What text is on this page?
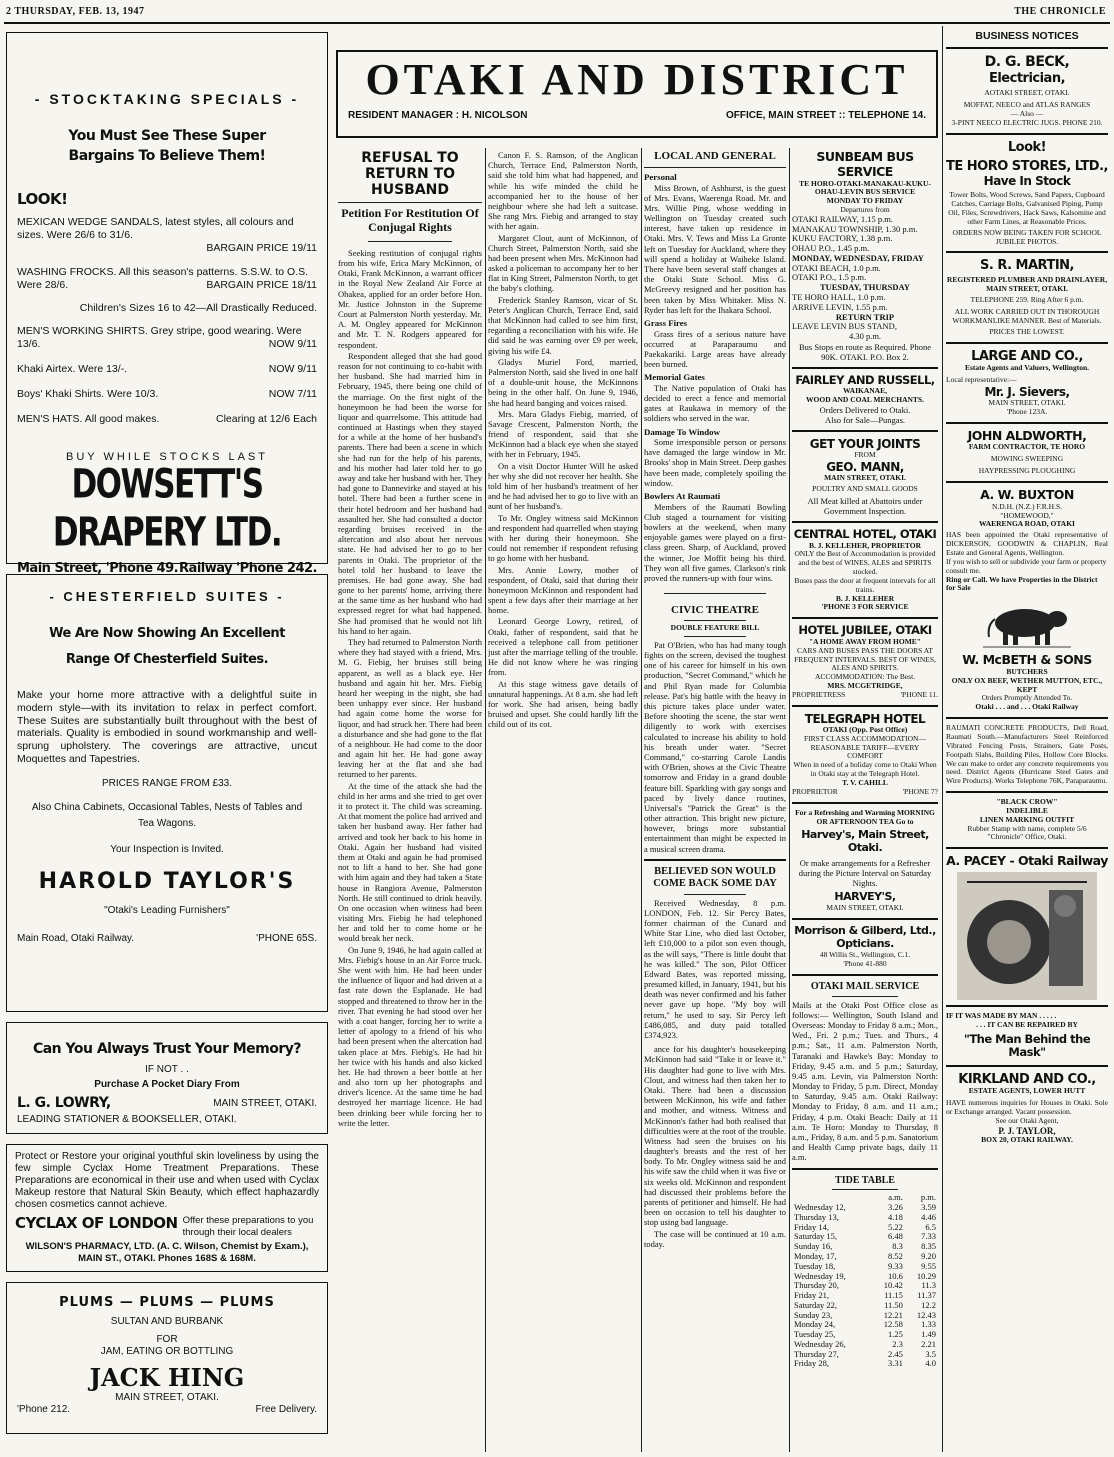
2 THURSDAY, FEB. 13, 1947	THE CHRONICLE
- STOCKTAKING SPECIALS -
You Must See These Super
Bargains To Believe Them!
LOOK!
MEXICAN WEDGE SANDALS, latest styles, all colours and sizes. Were 26/6 to 31/6.
BARGAIN PRICE 19/11
WASHING FROCKS. All this season's patterns. S.S.W. to O.S. Were 28/6.	BARGAIN PRICE 18/11
Children's Sizes 16 to 42—All Drastically Reduced.
MEN'S WORKING SHIRTS. Grey stripe, good wearing. Were 13/6.	NOW 9/11
Khaki Airtex. Were 13/-.	NOW 9/11
Boys' Khaki Shirts. Were 10/3.	NOW 7/11
MEN'S HATS. All good makes.	Clearing at 12/6 Each
BUY WHILE STOCKS LAST
DOWSETT'S DRAPERY LTD.
Main Street, 'Phone 49. Railway 'Phone 242.
- CHESTERFIELD SUITES -
We Are Now Showing An Excellent
Range Of Chesterfield Suites.
Make your home more attractive with a delightful suite in modern style—with its invitation to relax in perfect comfort. These Suites are substantially built throughout with the best of materials. Quality is embodied in sound workmanship and well-sprung upholstery. The coverings are attractive, uncut Moquettes and Tapestries.
PRICES RANGE FROM £33.
Also China Cabinets, Occasional Tables, Nests of Tables and Tea Wagons.
Your Inspection is Invited.
HAROLD TAYLOR'S
"Otaki's Leading Furnishers"
Main Road, Otaki Railway.	'PHONE 65S.
Can You Always Trust Your Memory?
IF NOT . .
Purchase A Pocket Diary From
L. G. LOWRY,	MAIN STREET, OTAKI.
LEADING STATIONER & BOOKSELLER, OTAKI.
Protect or Restore your original youthful skin loveliness by using the few simple Cyclax Home Treatment Preparations. These Preparations are economical in their use and when used with Cyclax Makeup restore that Natural Skin Beauty, which effect haphazardly chosen cosmetics cannot achieve.
CYCLAX OF LONDON Offer these preparations to you through their local dealers
WILSON'S PHARMACY, LTD. (A. C. Wilson, Chemist by Exam.), MAIN ST., OTAKI. Phones 168S & 168M.
PLUMS — PLUMS — PLUMS
SULTAN AND BURBANK
FOR
JAM, EATING OR BOTTLING
JACK HING
MAIN STREET, OTAKI.
'Phone 212.	Free Delivery.
OTAKI AND DISTRICT
RESIDENT MANAGER : H. NICOLSON	OFFICE, MAIN STREET :: TELEPHONE 14.
REFUSAL TO RETURN TO HUSBAND
Petition For Restitution Of Conjugal Rights

Seeking restitution of conjugal rights from his wife, Erica Mary McKinnon, of Otaki, Frank McKinnon, a warrant officer in the Royal New Zealand Air Force at Ohakea, applied for an order before Hon. Mr. Justice Johnston in the Supreme Court at Palmerston North yesterday. Mr. A. M. Ongley appeared for McKinnon and Mr. T. N. Rodgers appeared for respondent.

Respondent alleged that she had good reason for not continuing to co-habit with her husband. She had married him in February, 1945, there being one child of the marriage. On the first night of the honeymoon he had been the worse for liquor and quarrelsome. This attitude had continued at Hastings when they stayed for a while at the home of her husband's parents. There had been a scene in which she had run for the help of his parents, and his mother had later told her to go away and take her husband with her. They had gone to Dannevirke and stayed at his hotel. There had been a further scene in their hotel bedroom and her husband had assaulted her. She had consulted a doctor regarding bruises received in the altercation and also about her nervous state. He had advised her to go to her parents in Otaki. The proprietor of the hotel told her husband to leave the premises. He had gone away. She had gone to her parents' home, arriving there at the same time as her husband who had expressed regret for what had happened. She had promised that he would not lift his hand to her again.

They had returned to Palmerston North where they had stayed with a friend, Mrs. M. G. Fiebig, her bruises still being apparent, as well as a black eye. Her husband and again hit her. Mrs. Fiebig heard her weeping in the night, she had been unhappy ever since. Her husband had again come home the worse for liquor, and had struck her. There had been a disturbance and she had gone to the flat of a neighbour. He had come to the door and again hit her. He had gone away leaving her at the flat and she had returned to her parents.

At the time of the attack she had the child in her arms and she tried to get over it to protect it. The child was screaming. At that moment the police had arrived and taken her husband away. Her father had arrived and took her back to his home in Otaki. Again her husband had visited them at Otaki and again he had promised not to lift a hand to her. She had gone with him again and they had taken a State house in Rangiora Avenue, Palmerston North. He still continued to drink heavily. On one occasion when witness had been visiting Mrs. Fiebig he had telephoned her and told her to come home or he would break her neck.

On June 9, 1946, he had again called at Mrs. Fiebig's house in an Air Force truck. She went with him. He had been under the influence of liquor and had driven at a fast rate down the Esplanade. He had stopped and threatened to throw her in the river. That evening he had stood over her with a coat hanger, forcing her to write a letter of apology to a friend of his who had been present when the altercation had taken place at Mrs. Fiebig's. He had hit her twice with his hands and also kicked her. He had thrown a beer bottle at her and also torn up her photographs and driver's licence. At the same time he had destroyed her marriage licence. He had been drinking beer while forcing her to write the letter.

Canon F. S. Ramson, of the Anglican Church, Terrace End, Palmerston North, said she told him what had happened, and while his wife minded the child he accompanied her to the house of her neighbour where she had left a suitcase. She rang Mrs. Fiebig and arranged to stay with her again.

Margaret Clout, aunt of McKinnon, of Church Street, Palmerston North, said she had been present when Mrs. McKinnon had asked a policeman to accompany her to her flat in King Street, Palmerston North, to get the baby's clothing.

Frederick Stanley Ramson, vicar of St. Peter's Anglican Church, Terrace End, said that McKinnon had called to see him first, regarding a reconciliation with his wife. He did said he was earning over £9 per week, giving his wife £4.

Gladys Muriel Ford, married, Palmerston North, said she lived in one half of a double-unit house, the McKinnons being in the other half. On June 9, 1946, she had heard banging and voices raised.

Mrs. Mara Gladys Fiebig, married, of Savage Crescent, Palmerston North, the friend of respondent, said that she McKinnon had a black eye when she stayed with her in February, 1945.

On a visit Doctor Hunter Will he asked her why she did not recover her health. She told him of her husband's treatment of her and he had advised her to go to live with an aunt of her husband's.

To Mr. Ongley witness said McKinnon and respondent had quarrelled when staying with her during their honeymoon. She could not remember if respondent refusing to go home with her husband.

Mrs. Annie Lowry, mother of respondent, of Otaki, said that during their honeymoon McKinnon and respondent had spent a few days after their marriage at her home.

Leonard George Lowry, retired, of Otaki, father of respondent, said that he received a telephone call from petitioner just after the marriage telling of the trouble. He did not know where he was ringing from.

At this stage witness gave details of unnatural happenings. At 8 a.m. she had left for work. She had arisen, being badly bruised and upset. She could hardly lift the child out of its cot.

LOCAL AND GENERAL
Personal

Miss Brown, of Ashhurst, is the guest of Mrs. Evans, Waerenga Road. Mr. and Mrs. Willie Ping, whose wedding in Wellington on Tuesday created such interest, have taken up residence in Otaki. Mrs. V. Tews and Miss La Gronte left on Tuesday for Auckland, where they will spend a holiday at Waiheke Island. There have been several staff changes at the Otaki State School. Miss G. McGreevy resigned and her position has been taken by Miss Whitaker. Miss N. Ryder has left for the Ihakara School.

Grass Fires

Grass fires of a serious nature have occurred at Paraparaumu and Paekakariki. Large areas have already been burned.

Memorial Gates

The Native population of Otaki has decided to erect a fence and memorial gates at Raukawa in memory of the soldiers who served in the war.

Damage To Window

Some irresponsible person or persons have damaged the large window in Mr. Brooks' shop in Main Street. Deep gashes have been made, completely spoiling the window.

Bowlers At Raumati

Members of the Raumati Bowling Club staged a tournament for visiting bowlers at the weekend, when many enjoyable games were played on a first-class green. Sharp, of Auckland, proved the winner, Joe Moffit being his third. They won all five games. Clarkson's rink proved the runners-up with four wins.

CIVIC THEATRE
DOUBLE FEATURE BILL

Pat O'Brien, who has had many tough fights on the screen, devised the toughest one of his career for himself in his own production, "Secret Command," which he and Phil Ryan made for Columbia release. Pat's big battle with the heavy in this picture takes place under water. Before shooting the scene, the star went diligently to work with exercises calculated to increase his ability to hold his breath under water. "Secret Command," co-starring Carole Landis with O'Brien, shows at the Civic Theatre tomorrow and Friday in a grand double feature bill. Sparkling with gay songs and paced by lively dance routines, Universal's "Patrick the Great" is the other attraction. This bright new picture, however, brings more substantial entertainment than might be expected in a musical screen drama.

BELIEVED SON WOULD COME BACK SOME DAY

Received Wednesday, 8 p.m. LONDON, Feb. 12. Sir Percy Bates, former chairman of the Cunard and White Star Line, who died last October, left £10,000 to a pilot son even though, as the will says, "There is little doubt that he was killed." The son, Pilot Officer Edward Bates, was reported missing, presumed killed, in January, 1941, but his death was never confirmed and his father never gave up hope. "My boy will return," he used to say. Sir Percy left £486,085, and duty paid totalled £374,923.

ance for his daughter's housekeeping McKinnon had said "Take it or leave it." His daughter had gone to live with Mrs. Clout, and witness had then taken her to Otaki. There had been a discussion between McKinnon, his wife and father and mother, and witness. Witness and McKinnon's father had both realised that difficulties were at the root of the trouble. Witness had seen the bruises on his daughter's breasts and the rest of her body. To Mr. Ongley witness said he and his wife saw the child when it was five or six weeks old. McKinnon and respondent had discussed their problems before the parents of petitioner and himself. He had been on occasion to tell his daughter to stop using bad language.

The case will be continued at 10 a.m. today.

SUNBEAM BUS SERVICE
TE HORO-OTAKI-MANAKAU-KUKU-OHAU-LEVIN BUS SERVICE
MONDAY TO FRIDAY
Departures from
OTAKI RAILWAY, 1.15 p.m.
MANAKAU TOWNSHIP, 1.30 p.m.
KUKU FACTORY, 1.38 p.m.
OHAU P.O., 1.45 p.m.
MONDAY, WEDNESDAY, FRIDAY
OTAKI BEACH, 1.0 p.m.
OTAKI P.O., 1.5 p.m.
TUESDAY, THURSDAY
TE HORO HALL, 1.0 p.m.
ARRIVE LEVIN, 1.55 p.m.
RETURN TRIP
LEAVE LEVIN BUS STAND,
4.30 p.m.
Bus Stops en route as Required. Phone 90K. OTAKI. P.O. Box 2.
FAIRLEY AND RUSSELL,
WAIKANAE,
WOOD AND COAL MERCHANTS.
Orders Delivered to Otaki.
Also for Sale—Pungas.
GET YOUR JOINTS
FROM
GEO. MANN,
MAIN STREET, OTAKI.
POULTRY AND SMALL GOODS
All Meat killed at Abattoirs under Government Inspection.
CENTRAL HOTEL, OTAKI
B. J. KELLEHER, PROPRIETOR
ONLY the Best of Accommodation is provided and the best of WINES, ALES and SPIRITS stocked.
Buses pass the door at frequent intervals for all trains.
B. J. KELLEHER
'PHONE 3 FOR SERVICE
HOTEL JUBILEE, OTAKI
"A HOME AWAY FROM HOME"
CARS AND BUSES PASS THE DOORS AT FREQUENT INTERVALS. BEST OF WINES, ALES AND SPIRITS.
ACCOMMODATION: The Best.
MRS. MCGETRIDGE,
PROPRIETRESS	'PHONE 11.
TELEGRAPH HOTEL
OTAKI (Opp. Post Office)
FIRST CLASS ACCOMMODATION—REASONABLE TARIFF—EVERY COMFORT
When in need of a holiday come to Otaki When in Otaki stay at the Telegraph Hotel.
T. V. CAHILL
PROPRIETOR	'PHONE 7?
For a Refreshing and Warming MORNING OR AFTERNOON TEA Go to
Harvey's, Main Street, Otaki.
Or make arrangements for a Refresher during the Picture Interval on Saturday Nights.
HARVEY'S,
MAIN STREET, OTAKI.
Morrison & Gilberd, Ltd.,
Opticians.
48 Willis St., Wellington, C.1.
'Phone 41-880
OTAKI MAIL SERVICE
Mails at the Otaki Post Office close as follows:— Wellington, South Island and Overseas: Monday to Friday 8 a.m.; Mon., Wed., Fri. 2 p.m.; Tues. and Thurs., 4 p.m.; Sat., 11 a.m. Palmerston North, Taranaki and Hawke's Bay: Monday to Friday, 9.45 a.m. and 5 p.m.; Saturday, 9.45 a.m. Levin, via Palmerston North: Monday to Friday, 5 p.m. Direct, Monday to Saturday, 9.45 a.m. Otaki Railway: Monday to Friday, 8 a.m. and 11 a.m.; Friday, 4 p.m. Otaki Beach: Daily at 11 a.m. Te Horo: Monday to Thursday, 8 a.m., Friday, 8 a.m. and 5 p.m. Sanatorium and Health Camp private bags, daily 11 a.m.
TIDE TABLE
	a.m.	p.m.
Wednesday 12,	3.26	3.59
Thursday 13,	4.18	4.46
Friday 14,	5.22	6.5
Saturday 15,	6.48	7.33
Sunday 16,	8.3	8.35
Monday, 17,	8.52	9.20
Tuesday 18,	9.33	9.55
Wednesday 19,	10.6	10.29
Thursday 20,	10.42	11.3
Friday 21,	11.15	11.37
Saturday 22,	11.50	12.2
Sunday 23,	12.21	12.43
Monday 24,	12.58	1.33
Tuesday 25,	1.25	1.49
Wednesday 26,	2.3	2.21
Thursday 27,	2.45	3.5
Friday 28,	3.31	4.0
BUSINESS NOTICES
D. G. BECK,
Electrician,
AOTAKI STREET, OTAKI.
MOFFAT, NEECO and ATLAS RANGES
— Also —
3-PINT NEECO ELECTRIC JUGS. PHONE 210.
Look!
TE HORO STORES, LTD.,
Have In Stock
Tower Bolts, Wood Screws, Sand Papers, Cupboard Catches, Carriage Bolts, Galvanised Piping, Pump Oil, Files, Screwdrivers, Hack Saws, Kalsomine and other Farm Lines, at Reasonable Prices.
ORDERS NOW BEING TAKEN FOR SCHOOL JUBILEE PHOTOS.
S. R. MARTIN,
REGISTERED PLUMBER AND DRAINLAYER,
MAIN STREET, OTAKI.
TELEPHONE 259. Ring After 6 p.m.
ALL WORK CARRIED OUT IN THOROUGH WORKMANLIKE MANNER. Best of Materials.
PRICES THE LOWEST.
LARGE AND CO.,
Estate Agents and Valuers, Wellington.
Local representative:—
Mr. J. Sievers,
MAIN STREET, OTAKI.
'Phone 123A.
JOHN ALDWORTH,
FARM CONTRACTOR, TE HORO
MOWING SWEEPING
HAYPRESSING PLOUGHING
A. W. BUXTON
N.D.H. (N.Z.) F.R.H.S.
"HOMEWOOD,"
WAERENGA ROAD, OTAKI
HAS been appointed the Otaki representative of DICKERSON, GOODWIN & CHAPLIN, Real Estate and General Agents, Wellington.
If you wish to sell or subdivide your farm or property consult me.
Ring or Call. We have Properties in the District for Sale
W. McBETH & SONS
BUTCHERS
ONLY OX BEEF, WETHER MUTTON, ETC., KEPT
Orders Promptly Attended To.
Otaki . . . and . . . Otaki Railway
RAUMATI CONCRETE PRODUCTS, Dell Road, Raumati South.—Manufacturers Steel Reinforced Vibrated Fencing Posts, Strainers, Gate Posts, Footpath Slabs, Building Piles, Hollow Core Blocks. We can make to order any concrete requirements you need. District Agents (Hurricane Steel Gates and Wire Products). Works Telephone 76K, Paraparaumu.
"BLACK CROW"
INDELIBLE
LINEN MARKING OUTFIT
Rubber Stamp with name, complete 5/6
"Chronicle" Office, Otaki.
A. PACEY - Otaki Railway
IF IT WAS MADE BY MAN . . . . .
. . . IT CAN BE REPAIRED BY
"The Man Behind the Mask"
KIRKLAND AND CO.,
ESTATE AGENTS, LOWER HUTT
HAVE numerous inquiries for Houses in Otaki. Sole or Exchange arranged. Vacant possession.
See our Otaki Agent,
P. J. TAYLOR,
BOX 20, OTAKI RAILWAY.
